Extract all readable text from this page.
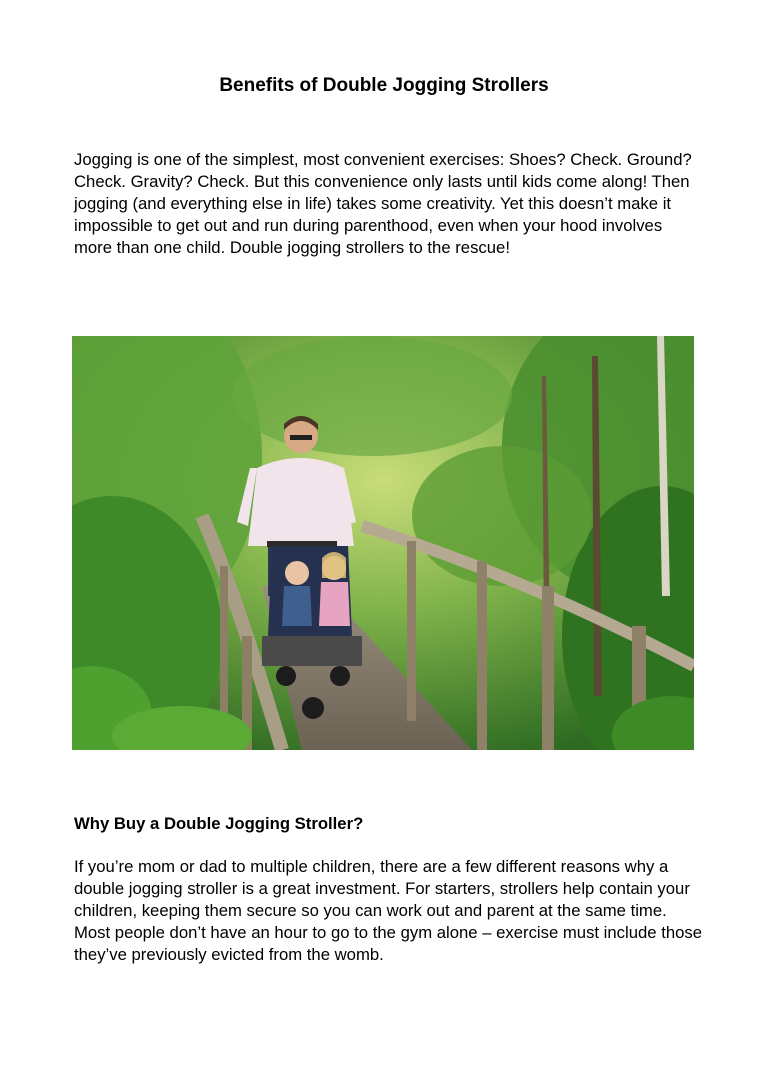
Benefits of Double Jogging Strollers

Jogging is one of the simplest, most convenient exercises: Shoes? Check. Ground? Check. Gravity? Check. But this convenience only lasts until kids come along! Then jogging (and everything else in life) takes some creativity. Yet this doesn’t make it impossible to get out and run during parenthood, even when your hood involves more than one child. Double jogging strollers to the rescue!

Why Buy a Double Jogging Stroller?

If you’re mom or dad to multiple children, there are a few different reasons why a double jogging stroller is a great investment. For starters, strollers help contain your children, keeping them secure so you can work out and parent at the same time. Most people don’t have an hour to go to the gym alone – exercise must include those they’ve previously evicted from the womb.
